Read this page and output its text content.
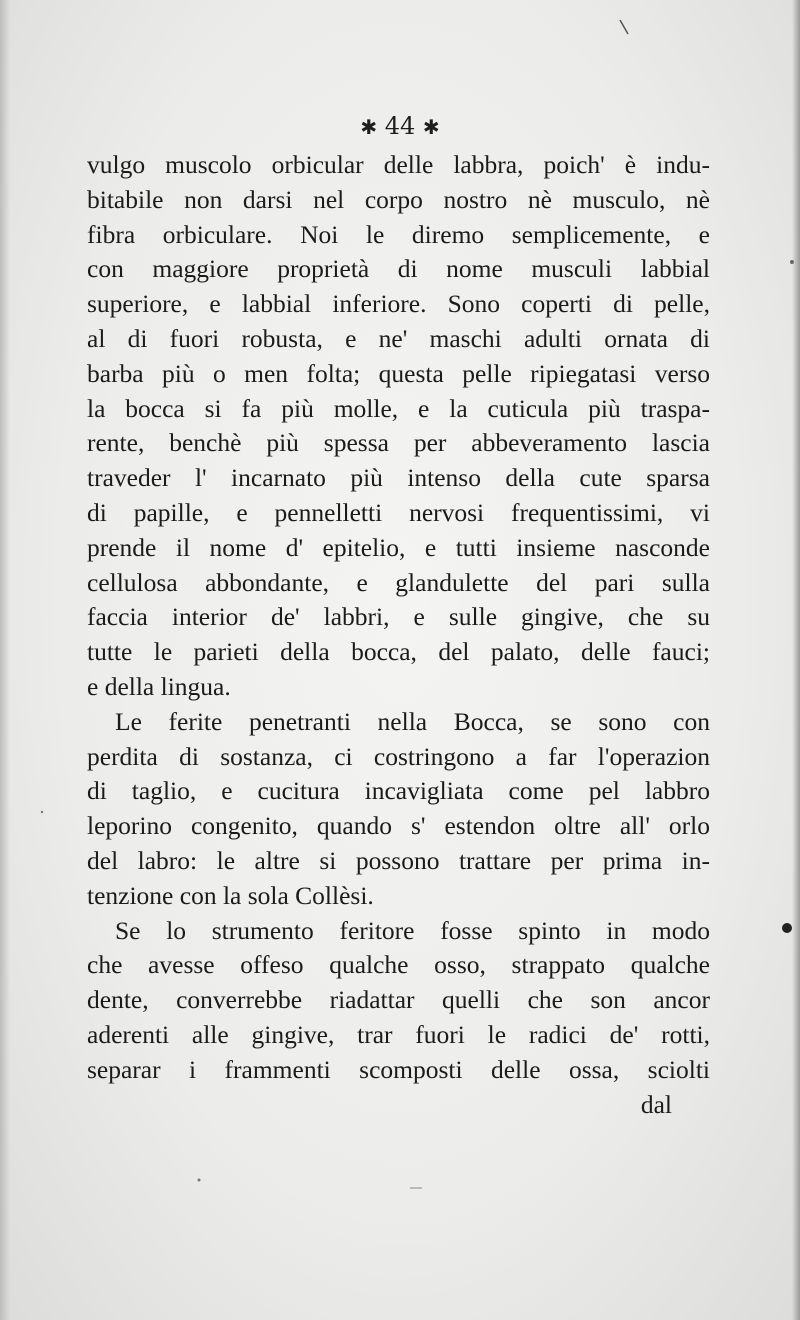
✱ 44 ✱
vulgo muscolo orbicular delle labbra, poich' è indu-
bitabile non darsi nel corpo nostro nè musculo, nè
fibra orbiculare. Noi le diremo semplicemente, e
con maggiore proprietà di nome musculi labbial
superiore, e labbial inferiore. Sono coperti di pelle,
al di fuori robusta, e ne' maschi adulti ornata di
barba più o men folta; questa pelle ripiegatasi verso
la bocca si fa più molle, e la cuticula più traspa-
rente, benchè più spessa per abbeveramento lascia
traveder l' incarnato più intenso della cute sparsa
di papille, e pennelletti nervosi frequentissimi, vi
prende il nome d' epitelio, e tutti insieme nasconde
cellulosa abbondante, e glandulette del pari sulla
faccia interior de' labbri, e sulle gingive, che su
tutte le parieti della bocca, del palato, delle fauci;
e della lingua.
Le ferite penetranti nella Bocca, se sono con
perdita di sostanza, ci costringono a far l'operazion
di taglio, e cucitura incavigliata come pel labbro
leporino congenito, quando s' estendon oltre all' orlo
del labro: le altre si possono trattare per prima in-
tenzione con la sola Collèsi.
Se lo strumento feritore fosse spinto in modo
che avesse offeso qualche osso, strappato qualche
dente, converrebbe riadattar quelli che son ancor
aderenti alle gingive, trar fuori le radici de' rotti,
separar i frammenti scomposti delle ossa, sciolti
dal
